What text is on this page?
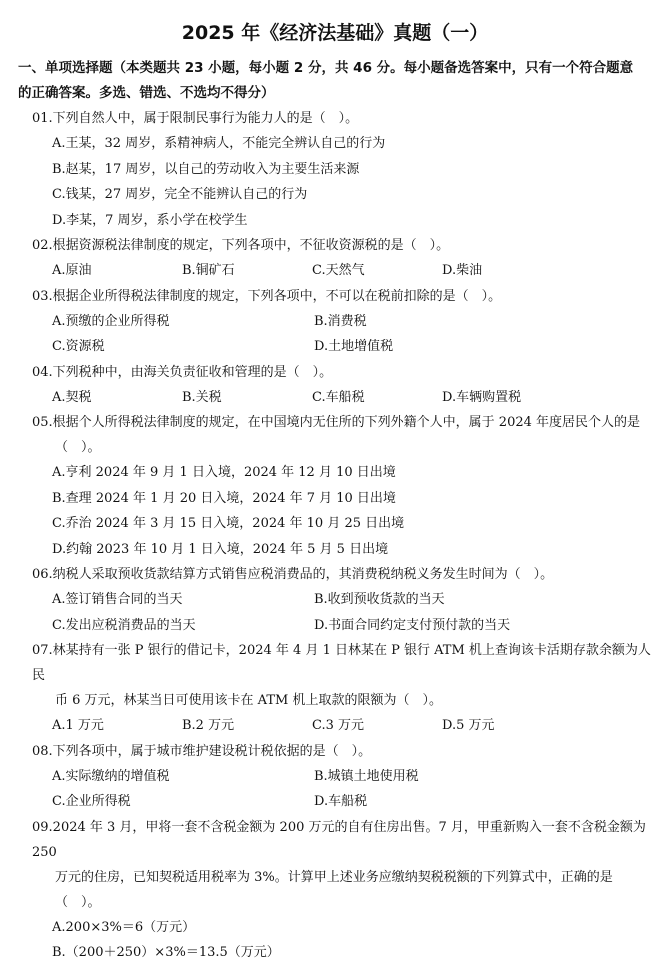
2025 年《经济法基础》真题（一）
一、单项选择题（本类题共 23 小题，每小题 2 分，共 46 分。每小题备选答案中，只有一个符合题意
的正确答案。多选、错选、不选均不得分）
01.下列自然人中，属于限制民事行为能力人的是（　）。
A.王某，32 周岁，系精神病人，不能完全辨认自己的行为
B.赵某，17 周岁，以自己的劳动收入为主要生活来源
C.钱某，27 周岁，完全不能辨认自己的行为
D.李某，7 周岁，系小学在校学生
02.根据资源税法律制度的规定，下列各项中，不征收资源税的是（　）。
A.原油	B.铜矿石	C.天然气	D.柴油
03.根据企业所得税法律制度的规定，下列各项中，不可以在税前扣除的是（　）。
A.预缴的企业所得税	B.消费税
C.资源税	D.土地增值税
04.下列税种中，由海关负责征收和管理的是（　）。
A.契税	B.关税	C.车船税	D.车辆购置税
05.根据个人所得税法律制度的规定，在中国境内无住所的下列外籍个人中，属于 2024 年度居民个人的是
（　）。
A.亨利 2024 年 9 月 1 日入境，2024 年 12 月 10 日出境
B.查理 2024 年 1 月 20 日入境，2024 年 7 月 10 日出境
C.乔治 2024 年 3 月 15 日入境，2024 年 10 月 25 日出境
D.约翰 2023 年 10 月 1 日入境，2024 年 5 月 5 日出境
06.纳税人采取预收货款结算方式销售应税消费品的，其消费税纳税义务发生时间为（　）。
A.签订销售合同的当天	B.收到预收货款的当天
C.发出应税消费品的当天	D.书面合同约定支付预付款的当天
07.林某持有一张 P 银行的借记卡，2024 年 4 月 1 日林某在 P 银行 ATM 机上查询该卡活期存款余额为人民
币 6 万元，林某当日可使用该卡在 ATM 机上取款的限额为（　）。
A.1 万元	B.2 万元	C.3 万元	D.5 万元
08.下列各项中，属于城市维护建设税计税依据的是（　）。
A.实际缴纳的增值税	B.城镇土地使用税
C.企业所得税	D.车船税
09.2024 年 3 月，甲将一套不含税金额为 200 万元的自有住房出售。7 月，甲重新购入一套不含税金额为 250
万元的住房，已知契税适用税率为 3%。计算甲上述业务应缴纳契税税额的下列算式中，正确的是（　）。
A.200×3%＝6（万元）
B.（200＋250）×3%＝13.5（万元）
